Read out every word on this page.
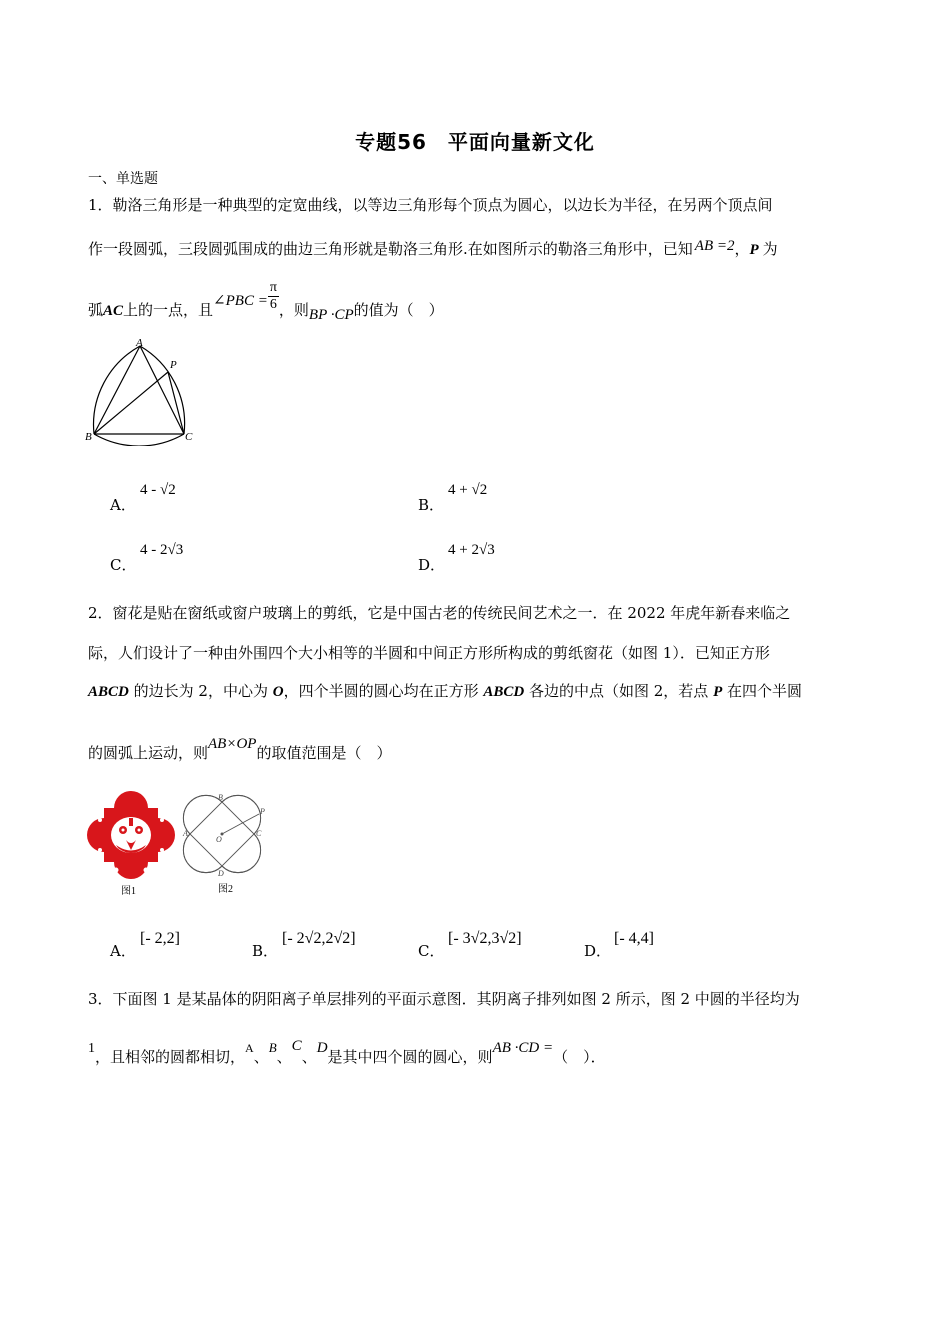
专题56　平面向量新文化
一、单选题
1．勒洛三角形是一种典型的定宽曲线，以等边三角形每个顶点为圆心，以边长为半径，在另两个顶点间
作一段圆弧，三段圆弧围成的曲边三角形就是勒洛三角形.在如图所示的勒洛三角形中，已知 AB =2，P 为
弧AC上的一点，且∠PBC = $\frac{\pi}{6}$ ，则BP ·CP的值为（　）
A
P
B	C
A．
4 - √2
B．
4 + √2
C．
4 - 2√3
D．
4 + 2√3
2．窗花是贴在窗纸或窗户玻璃上的剪纸，它是中国古老的传统民间艺术之一．在 2022 年虎年新春来临之
际，人们设计了一种由外围四个大小相等的半圆和中间正方形所构成的剪纸窗花（如图 1）．已知正方形
ABCD 的边长为 2，中心为 O，四个半圆的圆心均在正方形 ABCD 各边的中点（如图 2，若点 P 在四个半圆
的圆弧上运动，则AB×OP的取值范围是（　）
图1
B
P
A
O
C
D
图2
A．
[- 2,2]
B．
[- 2√2,2√2]
C．
[- 3√2,3√2]
D．
[- 4,4]
3．下面图 1 是某晶体的阴阳离子单层排列的平面示意图．其阴离子排列如图 2 所示，图 2 中圆的半径均为
1，且相邻的圆都相切，$^A$、B、C、D是其中四个圆的圆心，则AB ·CD =（　）．
